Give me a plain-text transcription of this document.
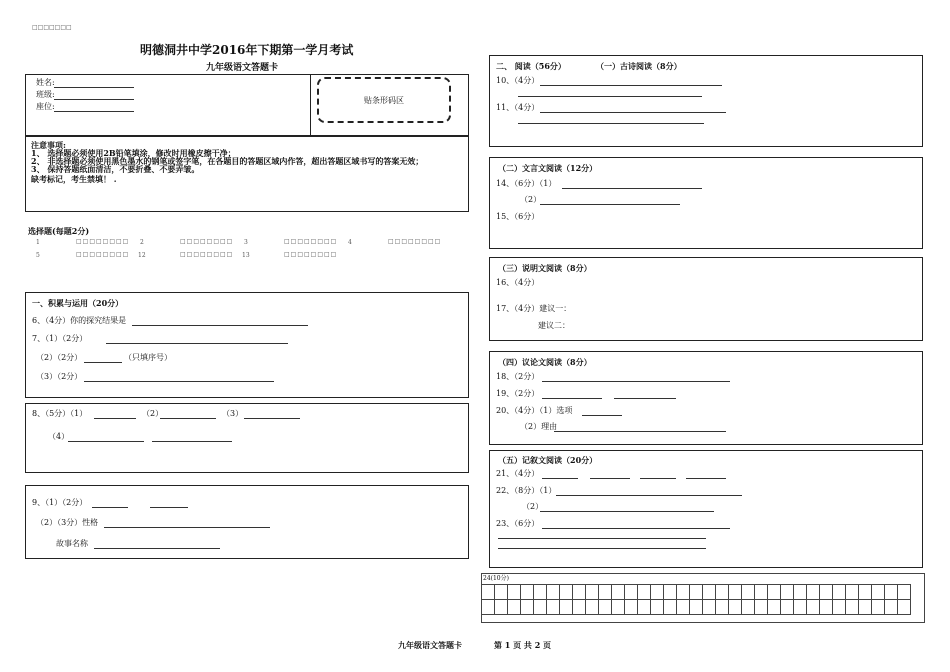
□□□□□□□
明德洞井中学2016年下期第一学月考试
九年级语文答题卡
姓名:
班级:
座位:
贴条形码区
注意事项:
1、 选择题必须使用2B铅笔填涂，修改时用橡皮擦干净；
2、 非选择题必须使用黑色墨水的钢笔或签字笔，在各题目的答题区域内作答，超出答题区域书写的答案无效；
3、 保持答题纸面清洁，不要折叠、不要弄皱。
缺考标记，考生禁填！ .
选择题(每题2分)
1	□□□□□□□□ 2	□□□□□□□□ 3	□□□□□□□□ 4	□□□□□□□□
5	□□□□□□□□ 12	□□□□□□□□ 13	□□□□□□□□
一、积累与运用（20分）
6、（4分）你的探究结果是
7、（1）（2分）
（2）（2分）	（只填序号）
（3）（2分）
8、（5分）（1）	（2）	（3）
（4）
9、（1）（2分）
（2）（3分）性格
故事名称
二、 阅读（56分）	（一）古诗阅读（8分）
10、（4分）
11、（4分）
（二）文言文阅读（12分）
14、（6分）（1）
（2）
15、（6分）
（三）说明文阅读（8分）
16、（4分）
17、（4分）建议一：
建议二：
（四）议论文阅读（8分）
18、（2分）
19、（2分）
20、（4分）（1）选项
（2）理由
（五）记叙文阅读（20分）
21、（4分）
22、（8分）（1）
（2）
23、（6分）
24(10分)

九年级语文答题卡	第 1 页 共 2 页
